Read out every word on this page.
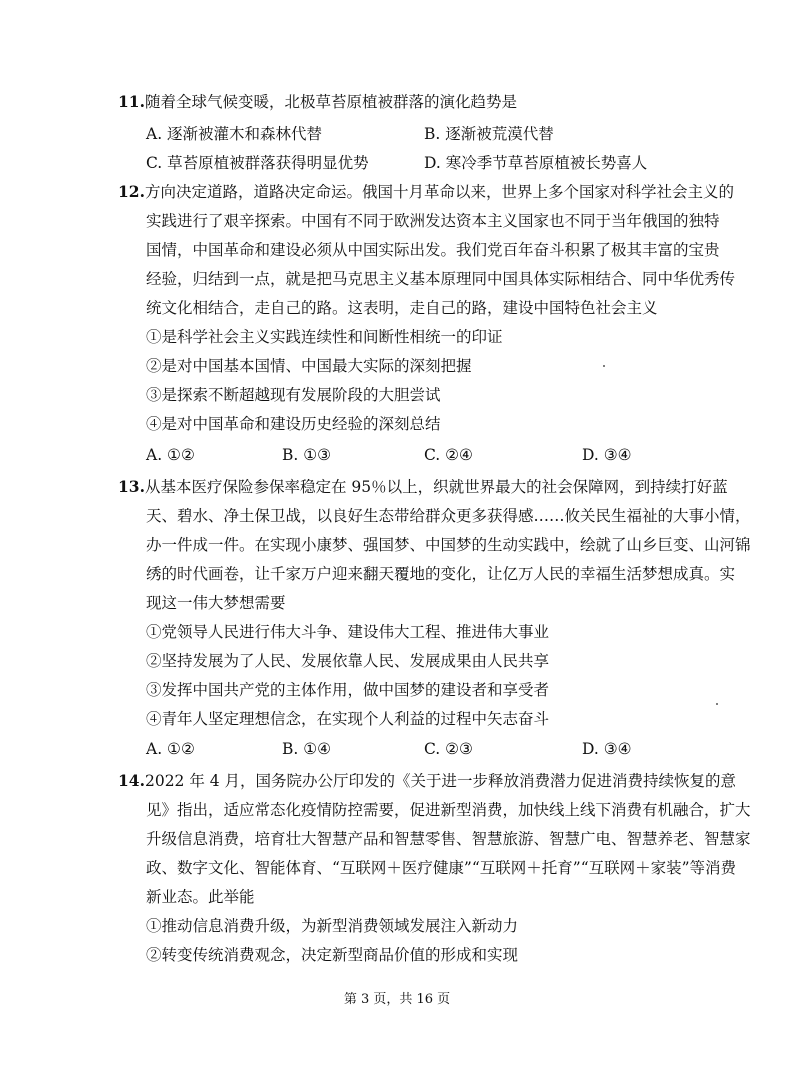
11.随着全球气候变暖，北极草苔原植被群落的演化趋势是
A. 逐渐被灌木和森林代替	B. 逐渐被荒漠代替
C. 草苔原植被群落获得明显优势	D. 寒冷季节草苔原植被长势喜人
12.方向决定道路，道路决定命运。俄国十月革命以来，世界上多个国家对科学社会主义的
实践进行了艰辛探索。中国有不同于欧洲发达资本主义国家也不同于当年俄国的独特
国情，中国革命和建设必须从中国实际出发。我们党百年奋斗积累了极其丰富的宝贵
经验，归结到一点，就是把马克思主义基本原理同中国具体实际相结合、同中华优秀传
统文化相结合，走自己的路。这表明，走自己的路，建设中国特色社会主义
①是科学社会主义实践连续性和间断性相统一的印证
②是对中国基本国情、中国最大实际的深刻把握
③是探索不断超越现有发展阶段的大胆尝试
④是对中国革命和建设历史经验的深刻总结
A. ①②	B. ①③	C. ②④	D. ③④
13.从基本医疗保险参保率稳定在 95％以上，织就世界最大的社会保障网，到持续打好蓝
天、碧水、净土保卫战，以良好生态带给群众更多获得感……攸关民生福祉的大事小情，
办一件成一件。在实现小康梦、强国梦、中国梦的生动实践中，绘就了山乡巨变、山河锦
绣的时代画卷，让千家万户迎来翻天覆地的变化，让亿万人民的幸福生活梦想成真。实
现这一伟大梦想需要
①党领导人民进行伟大斗争、建设伟大工程、推进伟大事业
②坚持发展为了人民、发展依靠人民、发展成果由人民共享
③发挥中国共产党的主体作用，做中国梦的建设者和享受者
④青年人坚定理想信念，在实现个人利益的过程中矢志奋斗
A. ①②	B. ①④	C. ②③	D. ③④
14.2022 年 4 月，国务院办公厅印发的《关于进一步释放消费潜力促进消费持续恢复的意
见》指出，适应常态化疫情防控需要，促进新型消费，加快线上线下消费有机融合，扩大
升级信息消费，培育壮大智慧产品和智慧零售、智慧旅游、智慧广电、智慧养老、智慧家
政、数字文化、智能体育、“互联网＋医疗健康”“互联网＋托育”“互联网＋家装”等消费
新业态。此举能
①推动信息消费升级，为新型消费领域发展注入新动力
②转变传统消费观念，决定新型商品价值的形成和实现
第 3 页，共 16 页
